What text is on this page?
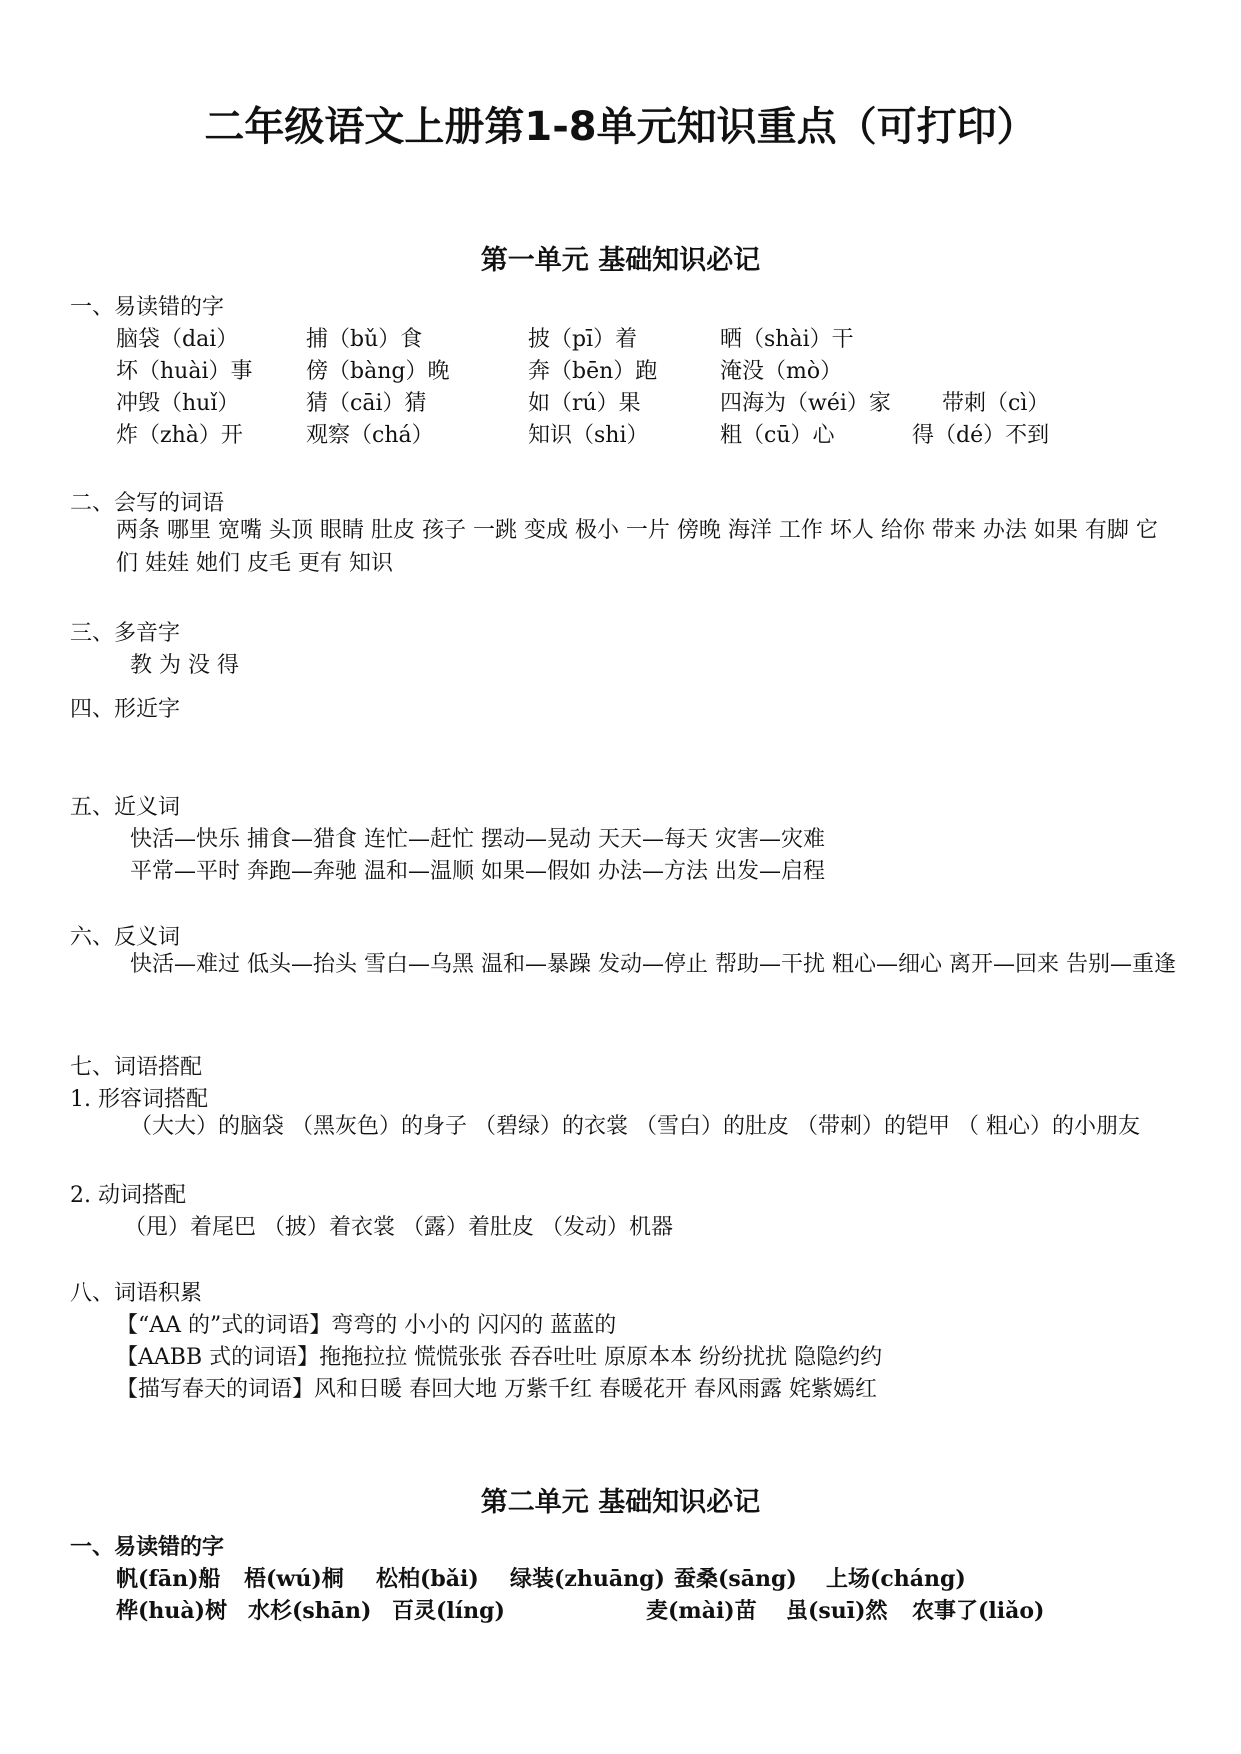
二年级语文上册第1-8单元知识重点（可打印）
第一单元 基础知识必记
一、易读错的字
脑袋（dai）	捕（bǔ）食	披（pī）着	晒（shài）干
坏（huài）事 傍（bàng）晚	奔（bēn）跑	淹没（mò）
冲毁（huǐ）	猜（cāi）猜	如（rú）果	四海为（wéi）家 带刺（cì）
炸（zhà）开	观察（chá）	知识（shi）	粗（cū）心	得（dé）不到
二、会写的词语
两条 哪里 宽嘴 头顶 眼睛 肚皮 孩子 一跳 变成 极小 一片 傍晚 海洋 工作 坏人 给你 带来 办法 如果 有脚 它们 娃娃 她们 皮毛 更有 知识
三、多音字
教 为 没 得
四、形近字
五、近义词
快活—快乐 捕食—猎食 连忙—赶忙 摆动—晃动 天天—每天 灾害—灾难
平常—平时 奔跑—奔驰 温和—温顺 如果—假如 办法—方法 出发—启程
六、反义词
快活—难过 低头—抬头 雪白—乌黑 温和—暴躁 发动—停止 帮助—干扰 粗心—细心 离开—回来 告别—重逢
七、词语搭配
1. 形容词搭配
（大大）的脑袋 （黑灰色）的身子 （碧绿）的衣裳 （雪白）的肚皮 （带刺）的铠甲 （ 粗心）的小朋友
2. 动词搭配
（甩）着尾巴 （披）着衣裳 （露）着肚皮 （发动）机器
八、词语积累
【“AA 的”式的词语】弯弯的 小小的 闪闪的 蓝蓝的
【AABB 式的词语】拖拖拉拉 慌慌张张 吞吞吐吐 原原本本 纷纷扰扰 隐隐约约
【描写春天的词语】风和日暖 春回大地 万紫千红 春暖花开 春风雨露 姹紫嫣红
第二单元 基础知识必记
一、易读错的字
帆(fān)船 梧(wú)桐 松柏(bǎi) 绿装(zhuāng) 蚕桑(sāng) 上场(cháng)
桦(huà)树 水杉(shān) 百灵(líng)	麦(mài)苗 虽(suī)然 农事了(liǎo)
